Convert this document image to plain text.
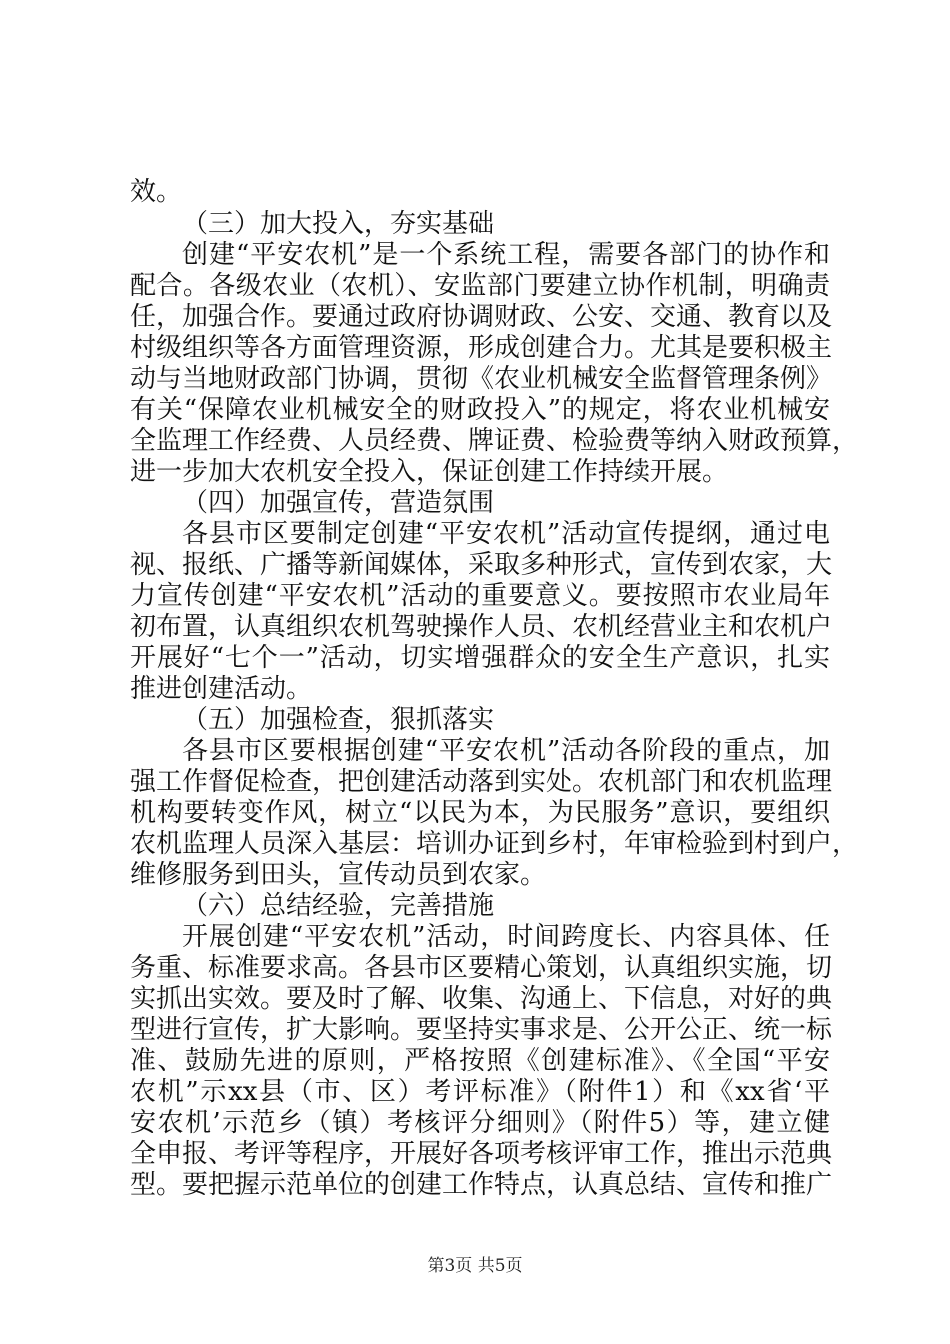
效。
（三）加大投入，夯实基础
创建“平安农机”是一个系统工程，需要各部门的协作和
配合。各级农业（农机）、安监部门要建立协作机制，明确责
任，加强合作。要通过政府协调财政、公安、交通、教育以及
村级组织等各方面管理资源，形成创建合力。尤其是要积极主
动与当地财政部门协调，贯彻《农业机械安全监督管理条例》
有关“保障农业机械安全的财政投入”的规定，将农业机械安
全监理工作经费、人员经费、牌证费、检验费等纳入财政预算，
进一步加大农机安全投入，保证创建工作持续开展。
（四）加强宣传，营造氛围
各县市区要制定创建“平安农机”活动宣传提纲，通过电
视、报纸、广播等新闻媒体，采取多种形式，宣传到农家，大
力宣传创建“平安农机”活动的重要意义。要按照市农业局年
初布置，认真组织农机驾驶操作人员、农机经营业主和农机户
开展好“七个一”活动，切实增强群众的安全生产意识，扎实
推进创建活动。
（五）加强检查，狠抓落实
各县市区要根据创建“平安农机”活动各阶段的重点，加
强工作督促检查，把创建活动落到实处。农机部门和农机监理
机构要转变作风，树立“以民为本，为民服务”意识，要组织
农机监理人员深入基层：培训办证到乡村，年审检验到村到户，
维修服务到田头，宣传动员到农家。
（六）总结经验，完善措施
开展创建“平安农机”活动，时间跨度长、内容具体、任
务重、标准要求高。各县市区要精心策划，认真组织实施，切
实抓出实效。要及时了解、收集、沟通上、下信息，对好的典
型进行宣传，扩大影响。要坚持实事求是、公开公正、统一标
准、鼓励先进的原则，严格按照《创建标准》、《全国“平安
农机”示xx县（市、区）考评标准》（附件1）和《xx省‘平
安农机’示范乡（镇）考核评分细则》（附件5）等，建立健
全申报、考评等程序，开展好各项考核评审工作，推出示范典
型。要把握示范单位的创建工作特点，认真总结、宣传和推广
第3页 共5页
